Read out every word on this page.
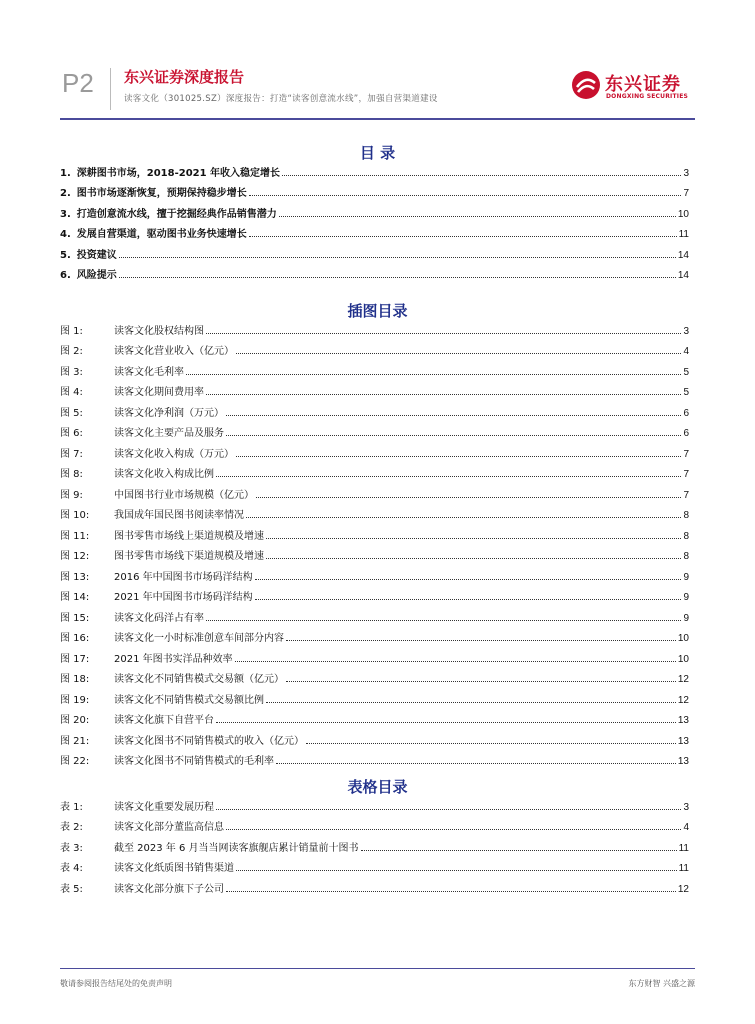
P2 东兴证券深度报告
读客文化（301025.SZ）深度报告：打造“读客创意流水线”，加强自营渠道建设
东兴证券
DONGXING SECURITIES
目 录
1. 深耕图书市场，2018-2021 年收入稳定增长	3
2. 图书市场逐渐恢复，预期保持稳步增长	7
3. 打造创意流水线，擅于挖掘经典作品销售潜力	10
4. 发展自营渠道，驱动图书业务快速增长	11
5. 投资建议	14
6. 风险提示	14
插图目录
图 1:	读客文化股权结构图	3
图 2:	读客文化营业收入（亿元）	4
图 3:	读客文化毛利率	5
图 4:	读客文化期间费用率	5
图 5:	读客文化净利润（万元）	6
图 6:	读客文化主要产品及服务	6
图 7:	读客文化收入构成（万元）	7
图 8:	读客文化收入构成比例	7
图 9:	中国图书行业市场规模（亿元）	7
图 10:	我国成年国民图书阅读率情况	8
图 11:	图书零售市场线上渠道规模及增速	8
图 12:	图书零售市场线下渠道规模及增速	8
图 13:	2016 年中国图书市场码洋结构	9
图 14:	2021 年中国图书市场码洋结构	9
图 15:	读客文化码洋占有率	9
图 16:	读客文化一小时标准创意车间部分内容	10
图 17:	2021 年图书实洋品种效率	10
图 18:	读客文化不同销售模式交易额（亿元）	12
图 19:	读客文化不同销售模式交易额比例	12
图 20:	读客文化旗下自营平台	13
图 21:	读客文化图书不同销售模式的收入（亿元）	13
图 22:	读客文化图书不同销售模式的毛利率	13
表格目录
表 1:	读客文化重要发展历程	3
表 2:	读客文化部分董监高信息	4
表 3:	截至 2023 年 6 月当当网读客旗舰店累计销量前十图书	11
表 4:	读客文化纸质图书销售渠道	11
表 5:	读客文化部分旗下子公司	12
敬请参阅报告结尾处的免责声明	东方财智 兴盛之源
